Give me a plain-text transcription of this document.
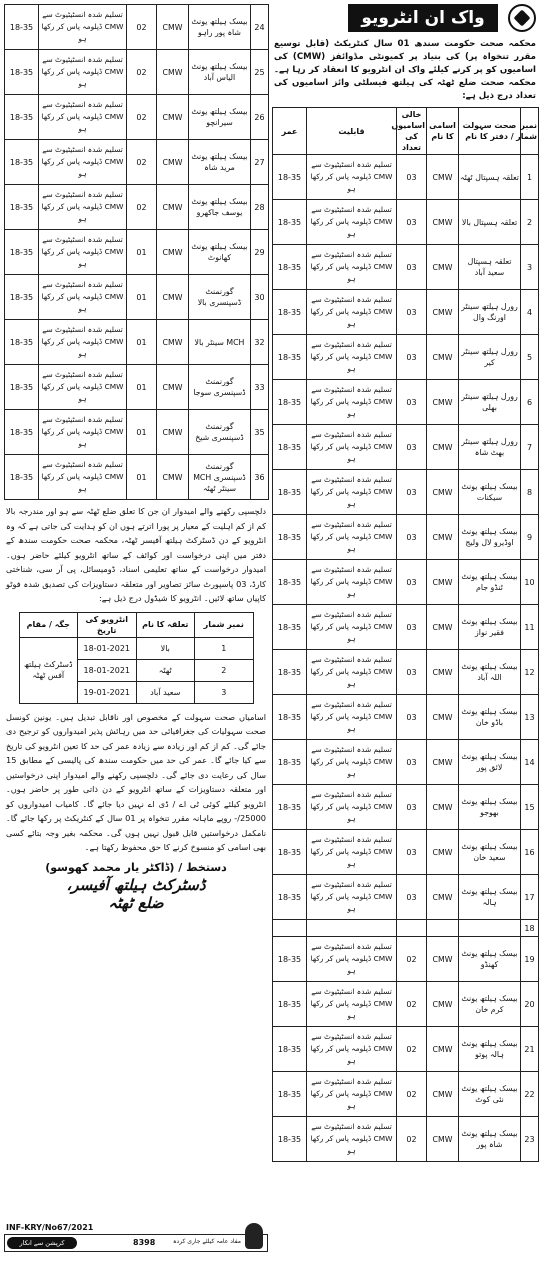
واک ان انٹرویو
محکمہ صحت حکومت سندھ 01 سال کنٹریکٹ (قابل توسیع مقرر تنخواہ پر) کی بنیاد پر کمیونٹی مڈوائفز (CMW) کی اسامیوں کو پر کرنے کیلئے واک ان انٹرویو کا انعقاد کر رہا ہے۔ محکمہ صحت ضلع ٹھٹہ کی ہیلتھ فیسلٹی وائز اسامیوں کی تعداد درج ذیل ہے:
نمبر شمار	صحت سہولت / دفتر کا نام	اسامی کا نام	خالی اسامیوں کی تعداد	قابلیت	عمر
1	تعلقہ ہسپتال ٹھٹہ	CMW	03	تسلیم شدہ انسٹیٹیوٹ سے CMW ڈپلومہ پاس کر رکھا ہو	18-35
2	تعلقہ ہسپتال بالا	CMW	03	تسلیم شدہ انسٹیٹیوٹ سے CMW ڈپلومہ پاس کر رکھا ہو	18-35
3	تعلقہ ہسپتال سعید آباد	CMW	03	تسلیم شدہ انسٹیٹیوٹ سے CMW ڈپلومہ پاس کر رکھا ہو	18-35
4	رورل ہیلتھ سینٹر اورنگ وال	CMW	03	تسلیم شدہ انسٹیٹیوٹ سے CMW ڈپلومہ پاس کر رکھا ہو	18-35
5	رورل ہیلتھ سینٹر کیر	CMW	03	تسلیم شدہ انسٹیٹیوٹ سے CMW ڈپلومہ پاس کر رکھا ہو	18-35
6	رورل ہیلتھ سینٹر بھلی	CMW	03	تسلیم شدہ انسٹیٹیوٹ سے CMW ڈپلومہ پاس کر رکھا ہو	18-35
7	رورل ہیلتھ سینٹر بھٹ شاہ	CMW	03	تسلیم شدہ انسٹیٹیوٹ سے CMW ڈپلومہ پاس کر رکھا ہو	18-35
8	بیسک ہیلتھ یونٹ سیکنات	CMW	03	تسلیم شدہ انسٹیٹیوٹ سے CMW ڈپلومہ پاس کر رکھا ہو	18-35
9	بیسک ہیلتھ یونٹ اوڈیرو لال ولیج	CMW	03	تسلیم شدہ انسٹیٹیوٹ سے CMW ڈپلومہ پاس کر رکھا ہو	18-35
10	بیسک ہیلتھ یونٹ ٹنڈو جام	CMW	03	تسلیم شدہ انسٹیٹیوٹ سے CMW ڈپلومہ پاس کر رکھا ہو	18-35
11	بیسک ہیلتھ یونٹ فقیر نواز	CMW	03	تسلیم شدہ انسٹیٹیوٹ سے CMW ڈپلومہ پاس کر رکھا ہو	18-35
12	بیسک ہیلتھ یونٹ اللہ آباد	CMW	03	تسلیم شدہ انسٹیٹیوٹ سے CMW ڈپلومہ پاس کر رکھا ہو	18-35
13	بیسک ہیلتھ یونٹ باڈو خان	CMW	03	تسلیم شدہ انسٹیٹیوٹ سے CMW ڈپلومہ پاس کر رکھا ہو	18-35
14	بیسک ہیلتھ یونٹ لائق پور	CMW	03	تسلیم شدہ انسٹیٹیوٹ سے CMW ڈپلومہ پاس کر رکھا ہو	18-35
15	بیسک ہیلتھ یونٹ بھوجو	CMW	03	تسلیم شدہ انسٹیٹیوٹ سے CMW ڈپلومہ پاس کر رکھا ہو	18-35
16	بیسک ہیلتھ یونٹ سعید خان	CMW	03	تسلیم شدہ انسٹیٹیوٹ سے CMW ڈپلومہ پاس کر رکھا ہو	18-35
17	بیسک ہیلتھ یونٹ ہالہ	CMW	03	تسلیم شدہ انسٹیٹیوٹ سے CMW ڈپلومہ پاس کر رکھا ہو	18-35
18					
19	بیسک ہیلتھ یونٹ کھنڈو	CMW	02	تسلیم شدہ انسٹیٹیوٹ سے CMW ڈپلومہ پاس کر رکھا ہو	18-35
20	بیسک ہیلتھ یونٹ کرم خان	CMW	02	تسلیم شدہ انسٹیٹیوٹ سے CMW ڈپلومہ پاس کر رکھا ہو	18-35
21	بیسک ہیلتھ یونٹ ہالہ پوتو	CMW	02	تسلیم شدہ انسٹیٹیوٹ سے CMW ڈپلومہ پاس کر رکھا ہو	18-35
22	بیسک ہیلتھ یونٹ نئی کوٹ	CMW	02	تسلیم شدہ انسٹیٹیوٹ سے CMW ڈپلومہ پاس کر رکھا ہو	18-35
23	بیسک ہیلتھ یونٹ شاہ پور	CMW	02	تسلیم شدہ انسٹیٹیوٹ سے CMW ڈپلومہ پاس کر رکھا ہو	18-35
24	بیسک ہیلتھ یونٹ شاہ پور راہو	CMW	02	تسلیم شدہ انسٹیٹیوٹ سے CMW ڈپلومہ پاس کر رکھا ہو	18-35
25	بیسک ہیلتھ یونٹ الیاس آباد	CMW	02	تسلیم شدہ انسٹیٹیوٹ سے CMW ڈپلومہ پاس کر رکھا ہو	18-35
26	بیسک ہیلتھ یونٹ سیرانچو	CMW	02	تسلیم شدہ انسٹیٹیوٹ سے CMW ڈپلومہ پاس کر رکھا ہو	18-35
27	بیسک ہیلتھ یونٹ مرید شاہ	CMW	02	تسلیم شدہ انسٹیٹیوٹ سے CMW ڈپلومہ پاس کر رکھا ہو	18-35
28	بیسک ہیلتھ یونٹ یوسف جاکھرو	CMW	02	تسلیم شدہ انسٹیٹیوٹ سے CMW ڈپلومہ پاس کر رکھا ہو	18-35
29	بیسک ہیلتھ یونٹ کھانوٹ	CMW	01	تسلیم شدہ انسٹیٹیوٹ سے CMW ڈپلومہ پاس کر رکھا ہو	18-35
30	گورنمنٹ ڈسپنسری بالا	CMW	01	تسلیم شدہ انسٹیٹیوٹ سے CMW ڈپلومہ پاس کر رکھا ہو	18-35
32	MCH سینٹر بالا	CMW	01	تسلیم شدہ انسٹیٹیوٹ سے CMW ڈپلومہ پاس کر رکھا ہو	18-35
33	گورنمنٹ ڈسپنسری سوجا	CMW	01	تسلیم شدہ انسٹیٹیوٹ سے CMW ڈپلومہ پاس کر رکھا ہو	18-35
35	گورنمنٹ ڈسپنسری شیخ	CMW	01	تسلیم شدہ انسٹیٹیوٹ سے CMW ڈپلومہ پاس کر رکھا ہو	18-35
36	گورنمنٹ ڈسپنسری MCH سینٹر ٹھٹہ	CMW	01	تسلیم شدہ انسٹیٹیوٹ سے CMW ڈپلومہ پاس کر رکھا ہو	18-35

دلچسپی رکھنے والے امیدوار ان جن کا تعلق ضلع ٹھٹہ سے ہو اور مندرجہ بالا کم از کم اہلیت کے معیار پر پورا اترتے ہوں ان کو ہدایت کی جاتی ہے کہ وہ انٹرویو کے دن ڈسٹرکٹ ہیلتھ آفیسر ٹھٹہ، محکمہ صحت حکومت سندھ کے دفتر میں اپنی درخواست اور کوائف کے ساتھ انٹرویو کیلئے حاضر ہوں۔ امیدوار درخواست کے ساتھ تعلیمی اسناد، ڈومیسائل، پی آر سی، شناختی کارڈ، 03 پاسپورٹ سائز تصاویر اور متعلقہ دستاویزات کی تصدیق شدہ فوٹو کاپیاں ساتھ لائیں۔ انٹرویو کا شیڈول درج ذیل ہے:

نمبر شمار	تعلقہ کا نام	انٹرویو کی تاریخ	جگہ / مقام
1	بالا	18-01-2021	ڈسٹرکٹ ہیلتھ آفس ٹھٹہ
2	ٹھٹہ	18-01-2021	
3	سعید آباد	19-01-2021	

اسامیاں صحت سہولت کے مخصوص اور ناقابل تبدیل ہیں۔ یونین کونسل صحت سہولیات کی جغرافیائی حد میں رہائش پذیر امیدواروں کو ترجیح دی جائے گی۔ کم از کم اور زیادہ سے زیادہ عمر کی حد کا تعین انٹرویو کی تاریخ سے کیا جائے گا۔ عمر کی حد میں حکومت سندھ کی پالیسی کے مطابق 15 سال کی رعایت دی جائے گی۔ دلچسپی رکھنے والے امیدوار اپنی درخواستیں اور متعلقہ دستاویزات کے ساتھ انٹرویو کے دن ذاتی طور پر حاضر ہوں۔ انٹرویو کیلئے کوئی ٹی اے / ڈی اے نہیں دیا جائے گا۔ کامیاب امیدواروں کو 25000/- روپے ماہانہ مقرر تنخواہ پر 01 سال کے کنٹریکٹ پر رکھا جائے گا۔ نامکمل درخواستیں قابل قبول نہیں ہوں گی۔ محکمہ بغیر وجہ بتائے کسی بھی اسامی کو منسوخ کرنے کا حق محفوظ رکھتا ہے۔

دستخط / (ڈاکٹر یار محمد کھوسو)
ڈسٹرکٹ ہیلتھ آفیسر،
ضلع ٹھٹہ
INF-KRY/No67/2021
کرپشن سے انکار	8398	مفاد عامہ کیلئے جاری کردہ
